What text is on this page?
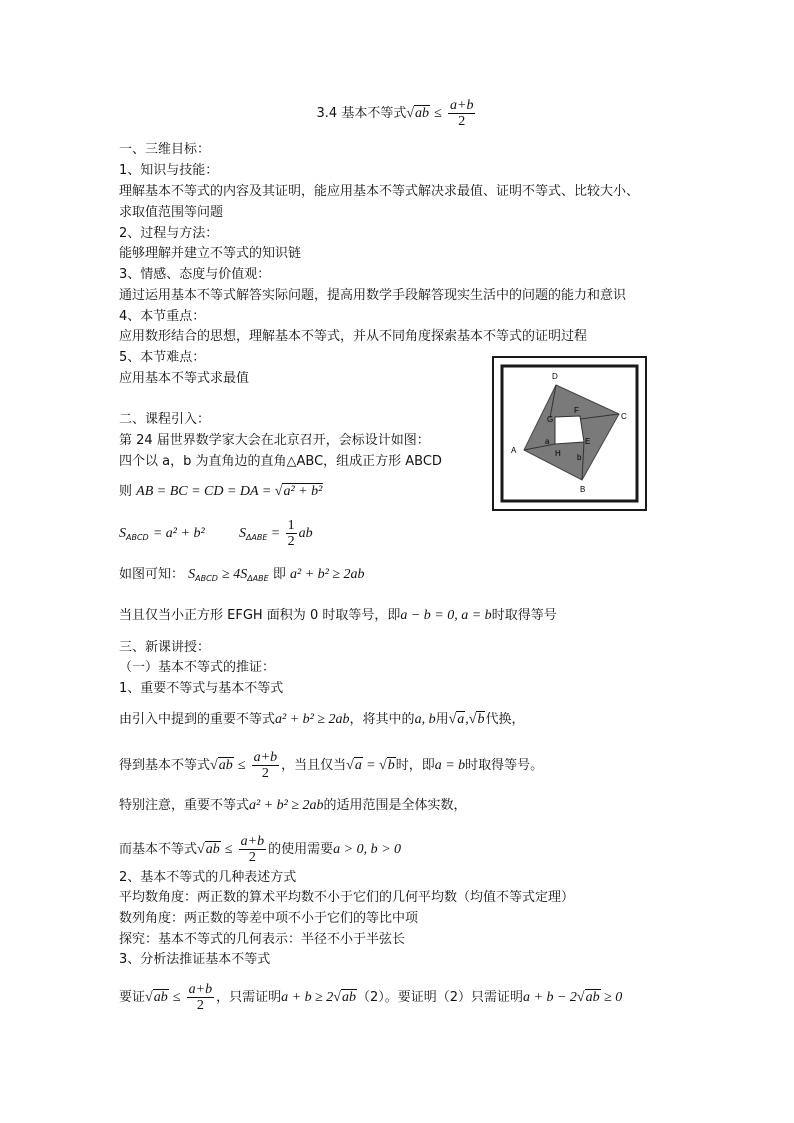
3.4 基本不等式$√ab \le \frac{a+b}{2}$
一、三维目标：
1、知识与技能：
理解基本不等式的内容及其证明，能应用基本不等式解决求最值、证明不等式、比较大小、
求取值范围等问题
2、过程与方法：
能够理解并建立不等式的知识链
3、情感、态度与价值观：
通过运用基本不等式解答实际问题，提高用数学手段解答现实生活中的问题的能力和意识
4、本节重点：
应用数形结合的思想，理解基本不等式，并从不同角度探索基本不等式的证明过程
5、本节难点：
应用基本不等式求最值
二、课程引入：
第 24 届世界数学家大会在北京召开，会标设计如图：
四个以 a，b 为直角边的直角△ABC，组成正方形 ABCD
则 AB = BC = CD = DA = √a² + b²
$S_{ABCD} = a^2 + b^2$ $S_{\Delta ABE} = \frac{1}{2}$ ab
如图可知： $S_{ABCD} \ge 4S_{\Delta ABE}$ 即 a² + b² ≥ 2ab
当且仅当小正方形 EFGH 面积为 0 时取等号，即a − b = 0, a = b时取得等号
D
C
B
A
F
G
E
H
a
b
三、新课讲授：
（一）基本不等式的推证：
1、重要不等式与基本不等式
由引入中提到的重要不等式a² + b² ≥ 2ab，将其中的a, b用√a,√b代换，
得到基本不等式$√ab \le \frac{a+b}{2}$ ，当且仅当√a = √b时，即a = b时取得等号。
特别注意，重要不等式a² + b² ≥ 2ab的适用范围是全体实数，
而基本不等式$√ab \le \frac{a+b}{2}$ 的使用需要a > 0, b > 0
2、基本不等式的几种表述方式
平均数角度：两正数的算术平均数不小于它们的几何平均数（均值不等式定理）
数列角度：两正数的等差中项不小于它们的等比中项
探究：基本不等式的几何表示：半径不小于半弦长
3、分析法推证基本不等式
要证$√ab \le \frac{a+b}{2}$ ，只需证明a + b ≥ 2√ab（2）。要证明（2）只需证明a + b − 2√ab ≥ 0
